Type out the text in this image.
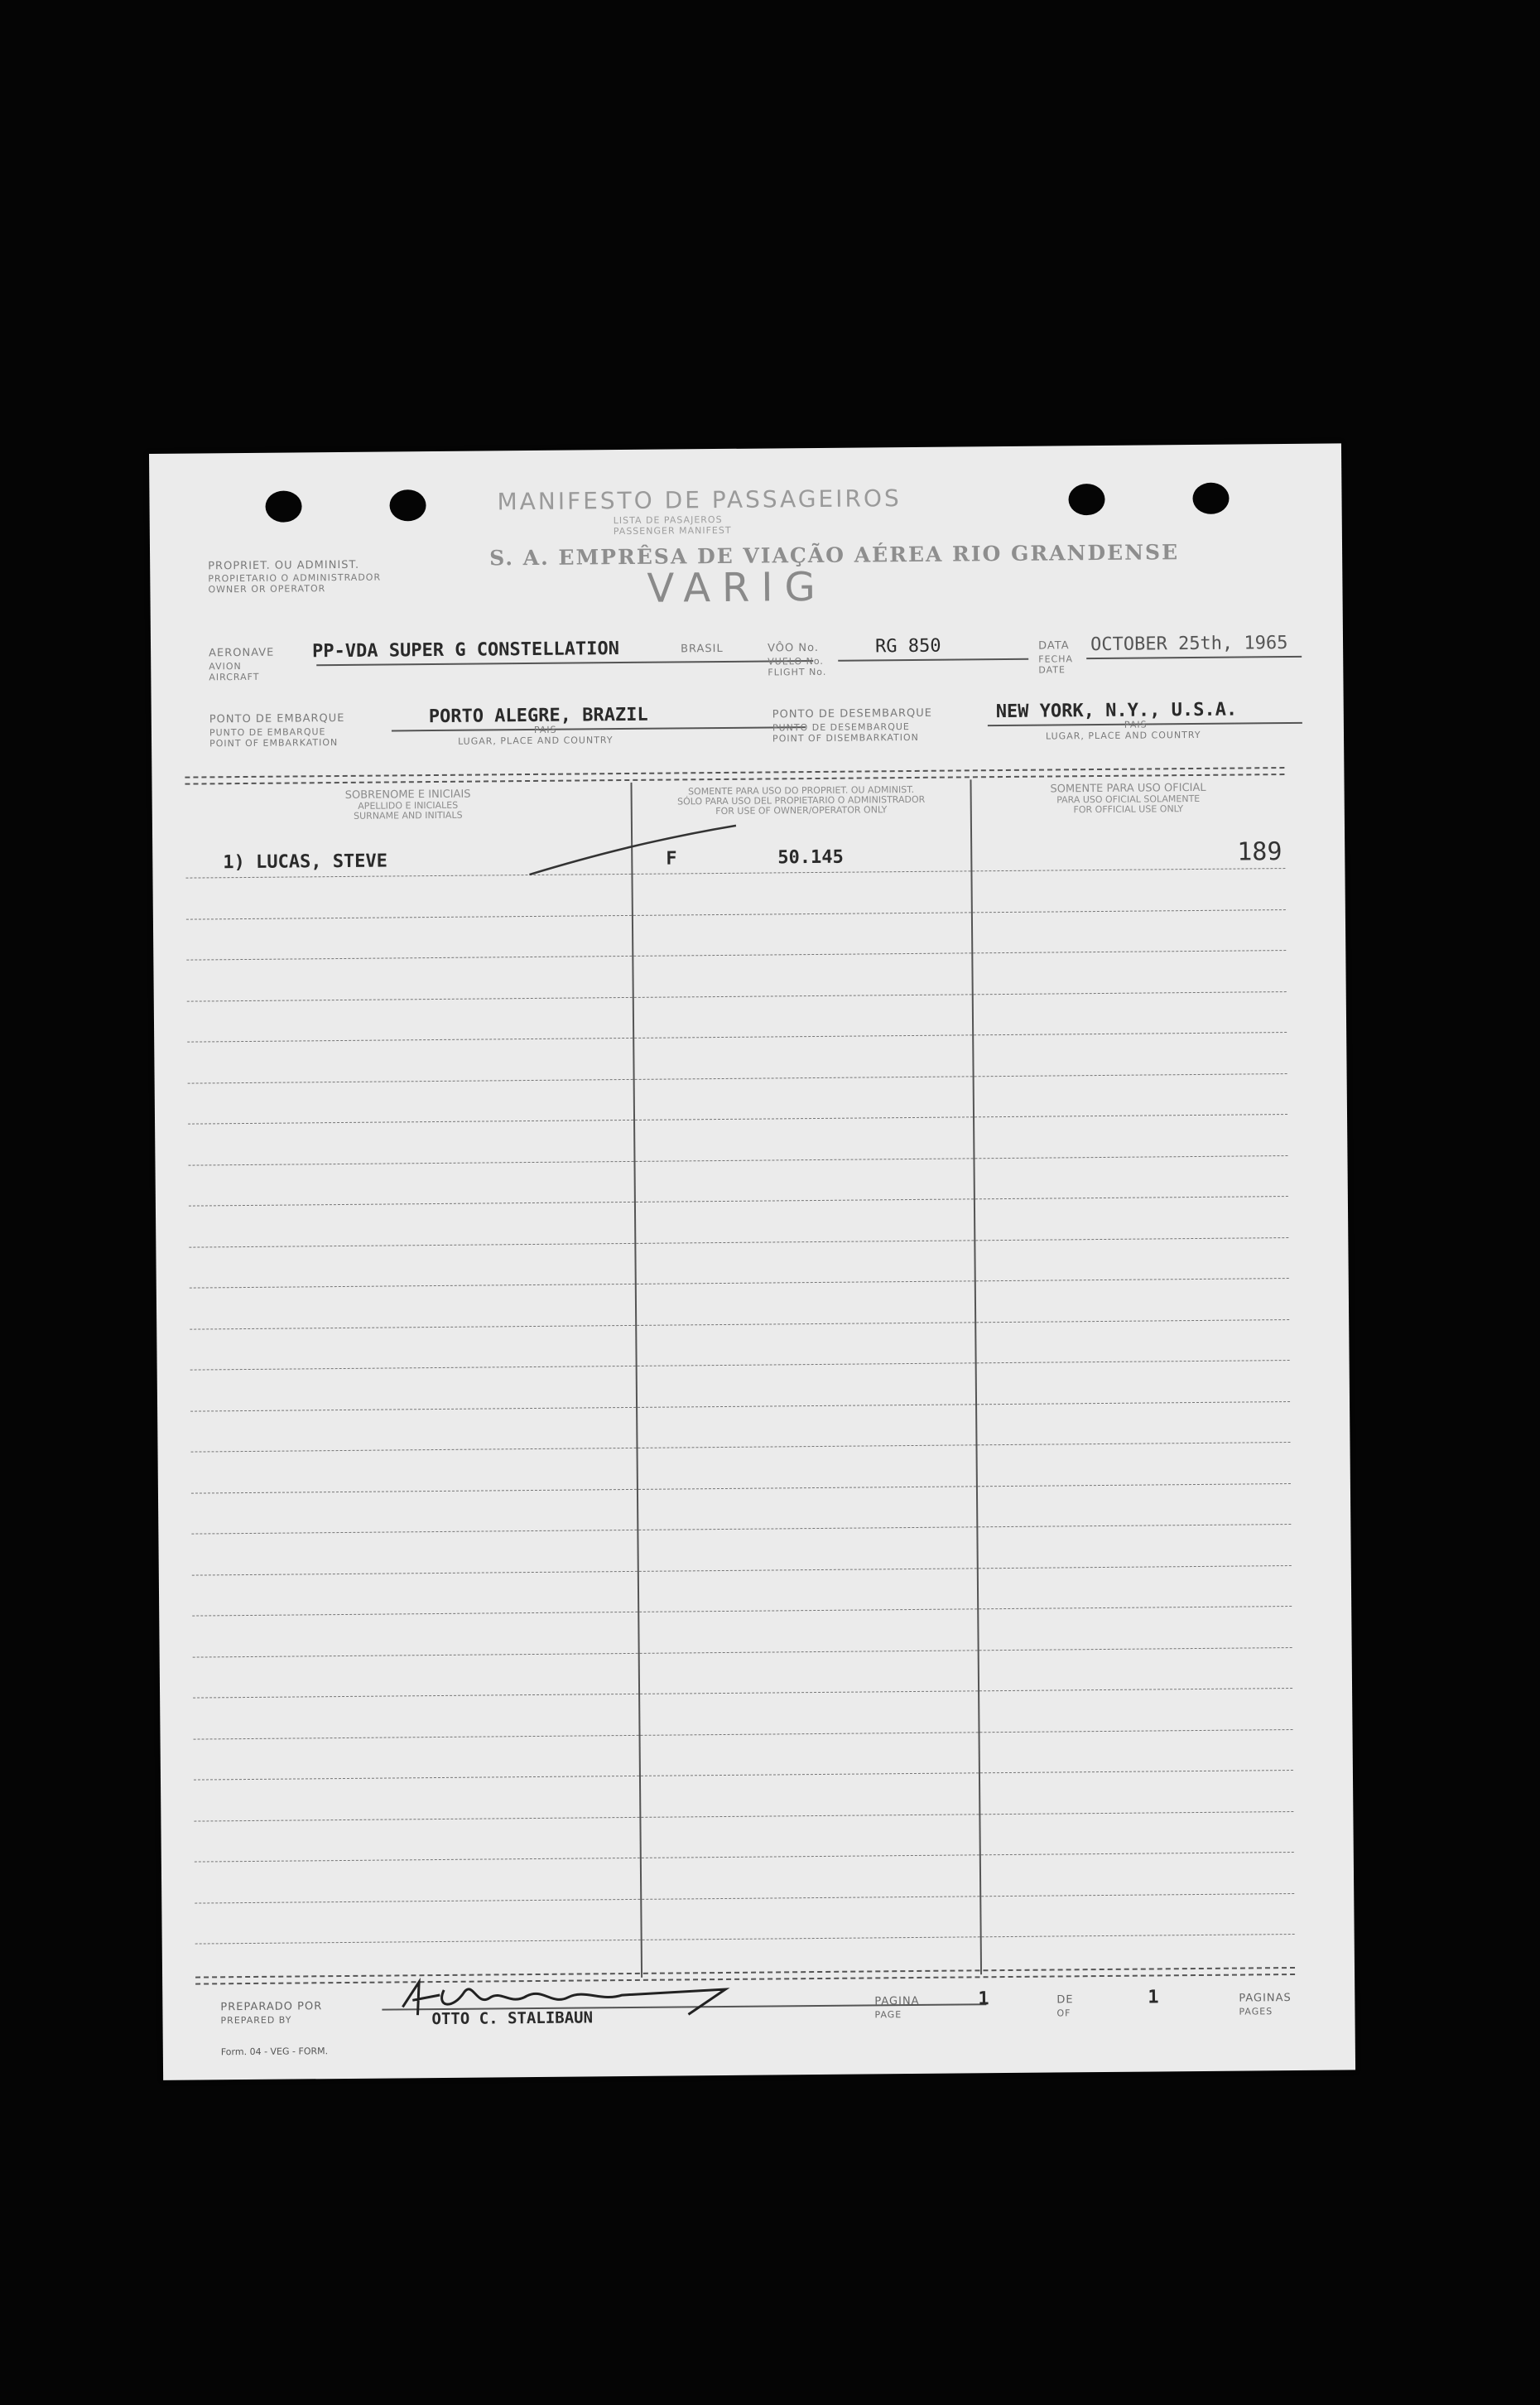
MANIFESTO DE PASSAGEIROS
LISTA DE PASAJEROS
PASSENGER MANIFEST
PROPRIET. OU ADMINIST.
PROPIETARIO O ADMINISTRADOR
OWNER OR OPERATOR
S. A. EMPRÊSA DE VIAÇÃO AÉREA RIO GRANDENSE
VARIG
AERONAVE
AVION
AIRCRAFT
PP-VDA SUPER G CONSTELLATION	BRASIL	VÔO No.
VUELO No.
FLIGHT No.
RG 850	DATA
FECHA
DATE
OCTOBER 25th, 1965
PONTO DE EMBARQUE
PUNTO DE EMBARQUE
POINT OF EMBARKATION
PORTO ALEGRE, BRAZIL
PAIS
LUGAR, PLACE AND COUNTRY
PONTO DE DESEMBARQUE
PUNTO DE DESEMBARQUE
POINT OF DISEMBARKATION
NEW YORK, N.Y., U.S.A.
PAIS
LUGAR, PLACE AND COUNTRY
SOBRENOME E INICIAIS
APELLIDO E INICIALES
SURNAME AND INITIALS
SOMENTE PARA USO DO PROPRIET. OU ADMINIST.
SÓLO PARA USO DEL PROPIETARIO O ADMINISTRADOR
FOR USE OF OWNER/OPERATOR ONLY
SOMENTE PARA USO OFICIAL
PARA USO OFICIAL SOLAMENTE
FOR OFFICIAL USE ONLY
1) LUCAS, STEVE	F	50.145	189
PREPARADO POR
PREPARED BY	OTTO C. STALIBAUN
PAGINA
PAGE
1	DE
OF
1	PAGINAS
PAGES
Form. 04 - VEG - FORM.
